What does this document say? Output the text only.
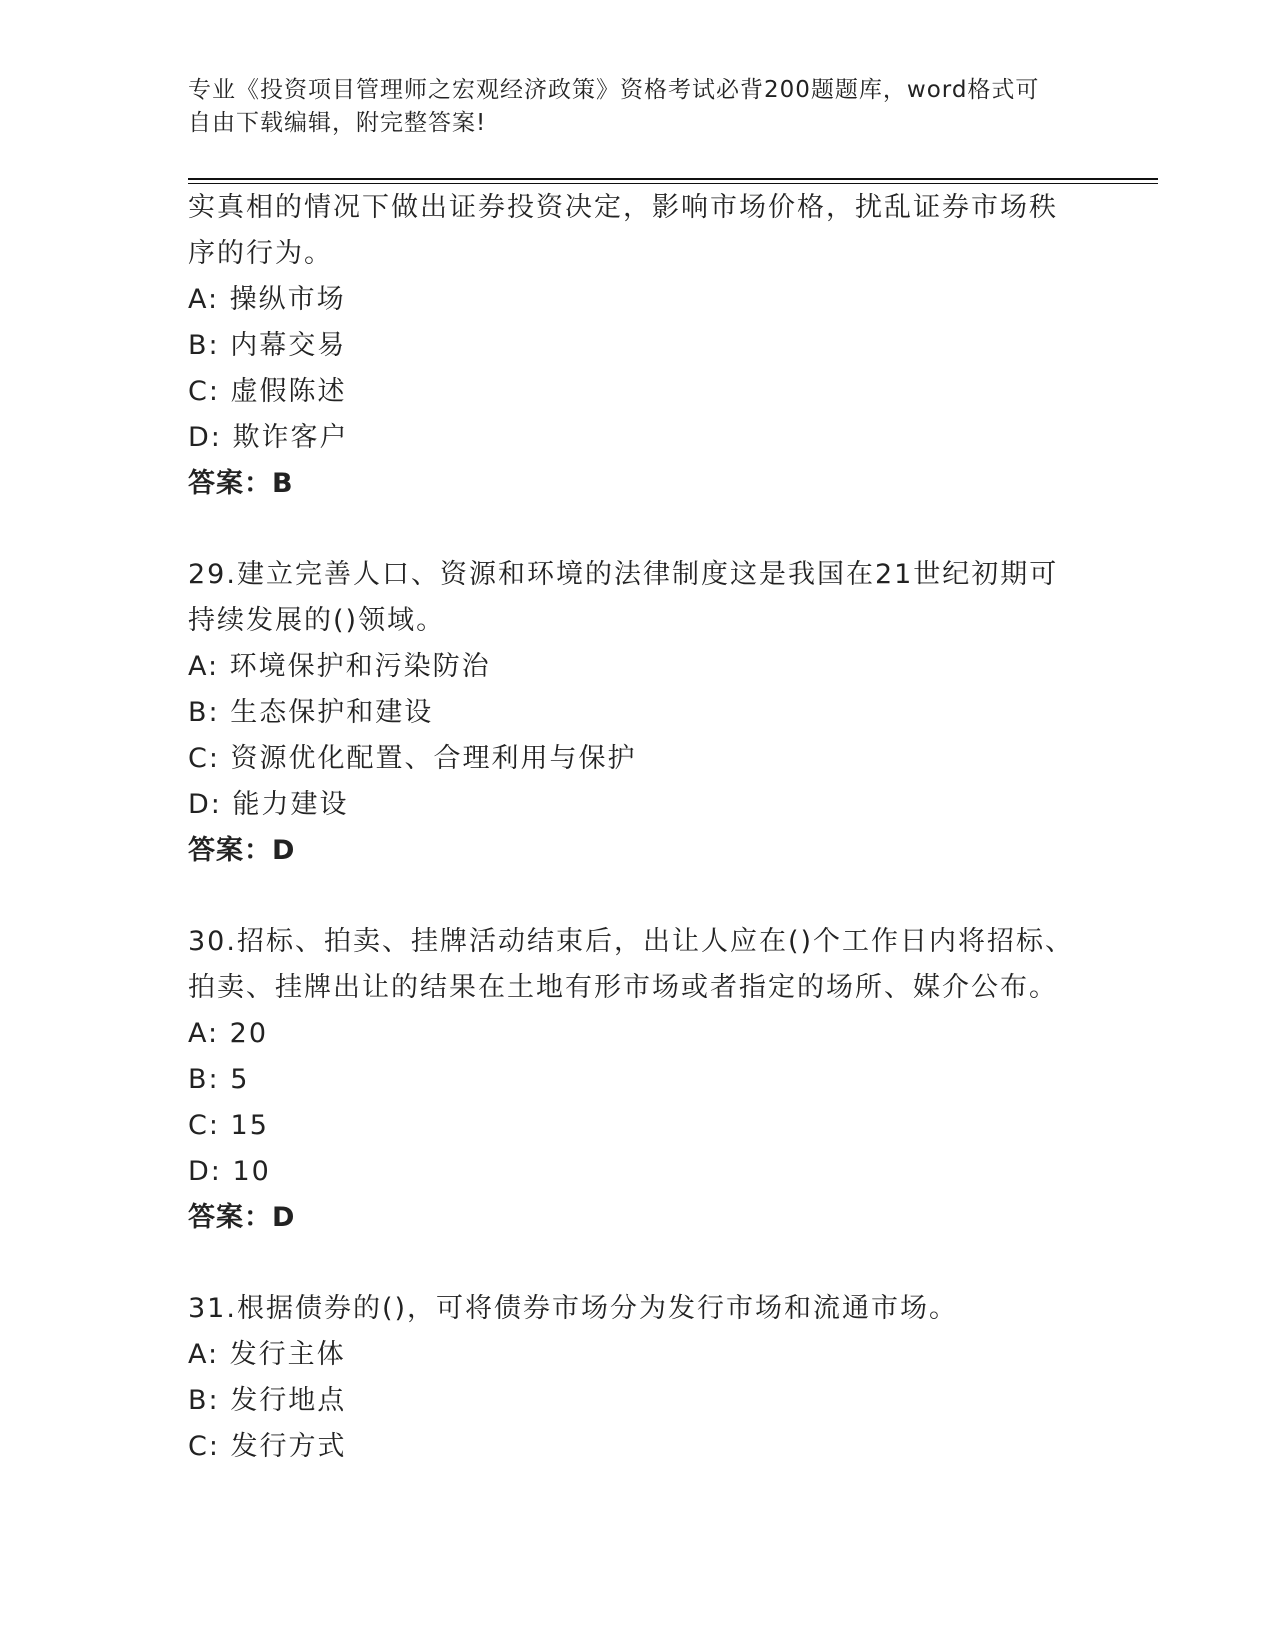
专业《投资项目管理师之宏观经济政策》资格考试必背200题题库，word格式可
自由下载编辑，附完整答案!
实真相的情况下做出证券投资决定，影响市场价格，扰乱证券市场秩
序的行为。
A: 操纵市场
B: 内幕交易
C: 虚假陈述
D: 欺诈客户
答案：B
29.建立完善人口、资源和环境的法律制度这是我国在21世纪初期可
持续发展的()领域。
A: 环境保护和污染防治
B: 生态保护和建设
C: 资源优化配置、合理利用与保护
D: 能力建设
答案：D
30.招标、拍卖、挂牌活动结束后，出让人应在()个工作日内将招标、
拍卖、挂牌出让的结果在土地有形市场或者指定的场所、媒介公布。
A: 20
B: 5
C: 15
D: 10
答案：D
31.根据债券的()，可将债券市场分为发行市场和流通市场。
A: 发行主体
B: 发行地点
C: 发行方式
